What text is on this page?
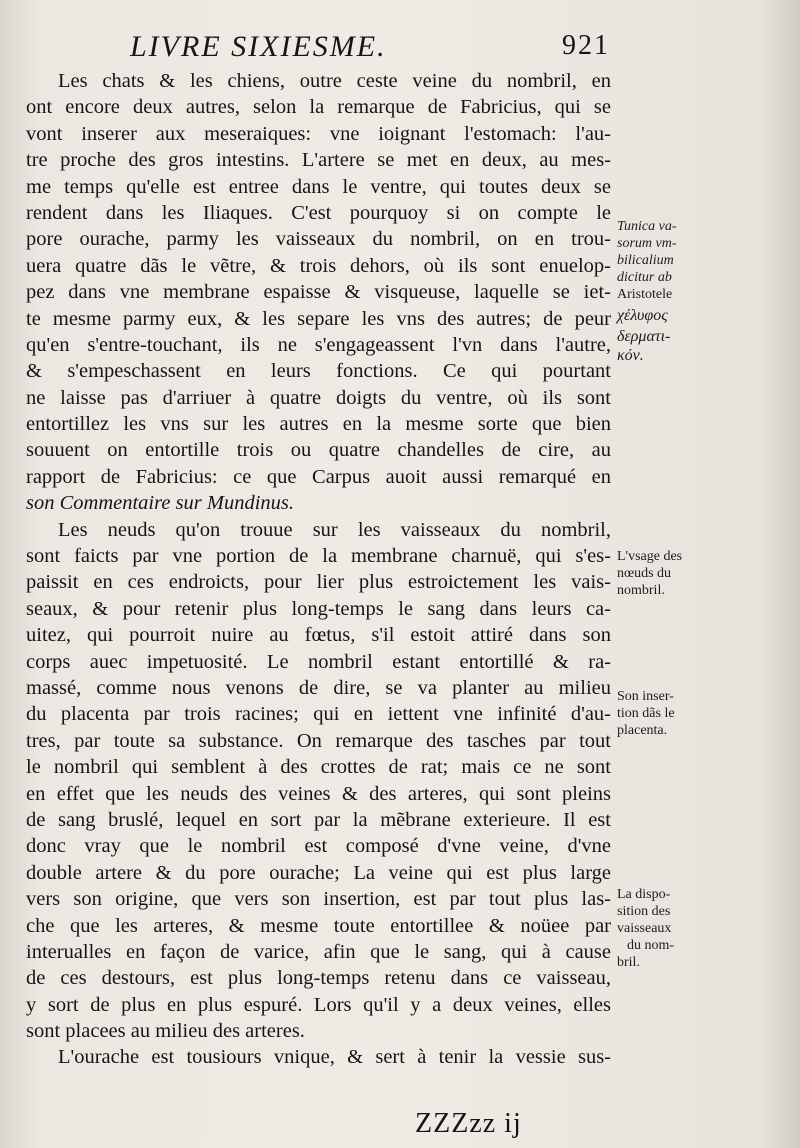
LIVRE SIXIESME.	921
Les chats & les chiens, outre ceste veine du nombril, en
ont encore deux autres, selon la remarque de Fabricius, qui se
vont inserer aux meseraiques: vne ioignant l'estomach: l'au-
tre proche des gros intestins. L'artere se met en deux, au mes-
me temps qu'elle est entree dans le ventre, qui toutes deux se
rendent dans les Iliaques. C'est pourquoy si on compte le
pore ourache, parmy les vaisseaux du nombril, on en trou-
uera quatre dãs le vẽtre, & trois dehors, où ils sont enuelop-
pez dans vne membrane espaisse & visqueuse, laquelle se iet-
te mesme parmy eux, & les separe les vns des autres; de peur
qu'en s'entre-touchant, ils ne s'engageassent l'vn dans l'autre,
& s'empeschassent en leurs fonctions. Ce qui pourtant
ne laisse pas d'arriuer à quatre doigts du ventre, où ils sont
entortillez les vns sur les autres en la mesme sorte que bien
souuent on entortille trois ou quatre chandelles de cire, au
rapport de Fabricius: ce que Carpus auoit aussi remarqué en
son Commentaire sur Mundinus.
Les neuds qu'on trouue sur les vaisseaux du nombril,
sont faicts par vne portion de la membrane charnuë, qui s'es-
paissit en ces endroicts, pour lier plus estroictement les vais-
seaux, & pour retenir plus long-temps le sang dans leurs ca-
uitez, qui pourroit nuire au fœtus, s'il estoit attiré dans son
corps auec impetuosité. Le nombril estant entortillé & ra-
massé, comme nous venons de dire, se va planter au milieu
du placenta par trois racines; qui en iettent vne infinité d'au-
tres, par toute sa substance. On remarque des tasches par tout
le nombril qui semblent à des crottes de rat; mais ce ne sont
en effet que les neuds des veines & des arteres, qui sont pleins
de sang bruslé, lequel en sort par la mẽbrane exterieure. Il est
donc vray que le nombril est composé d'vne veine, d'vne
double artere & du pore ourache; La veine qui est plus large
vers son origine, que vers son insertion, est par tout plus las-
che que les arteres, & mesme toute entortillee & noüee par
interualles en façon de varice, afin que le sang, qui à cause
de ces destours, est plus long-temps retenu dans ce vaisseau,
y sort de plus en plus espuré. Lors qu'il y a deux veines, elles
sont placees au milieu des arteres.
L'ourache est tousiours vnique, & sert à tenir la vessie sus-
Tunica va-
sorum vm-
bilicalium
dicitur ab
Aristotele
χέλυφος
δερματι-
κόν.
L'vsage des
nœuds du
nombril.
Son inser-
tion dãs le
placenta.
La dispo-
sition des
vaisseaux
du nom-
bril.
ZZZzz ij
